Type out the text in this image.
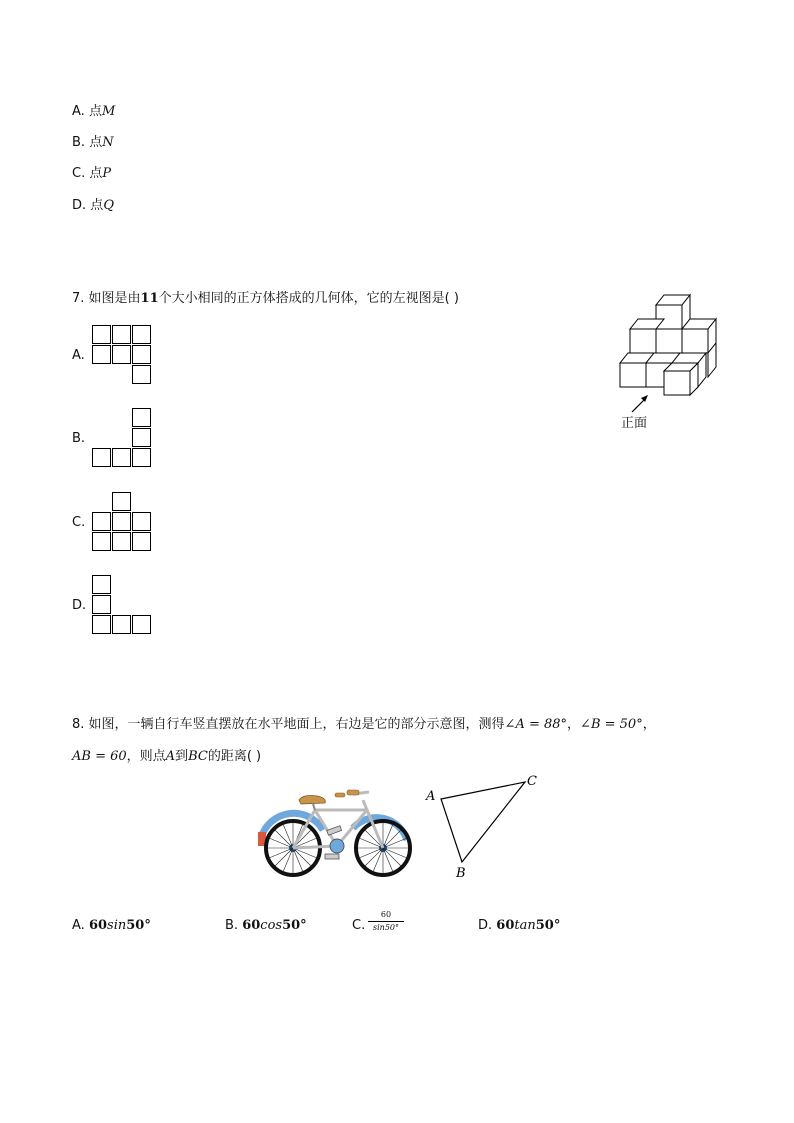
A. 点M
B. 点N
C. 点P
D. 点Q
7. 如图是由11个大小相同的正方体搭成的几何体，它的左视图是( )
A.
B.
C.
D.
正面
8. 如图，一辆自行车竖直摆放在水平地面上，右边是它的部分示意图，测得∠A = 88°，∠B = 50°，
AB = 60，则点A到BC的距离( )
A
C
B
A. 60sin50°	B. 60cos50°	C.
60
sin50°	D. 60tan50°
